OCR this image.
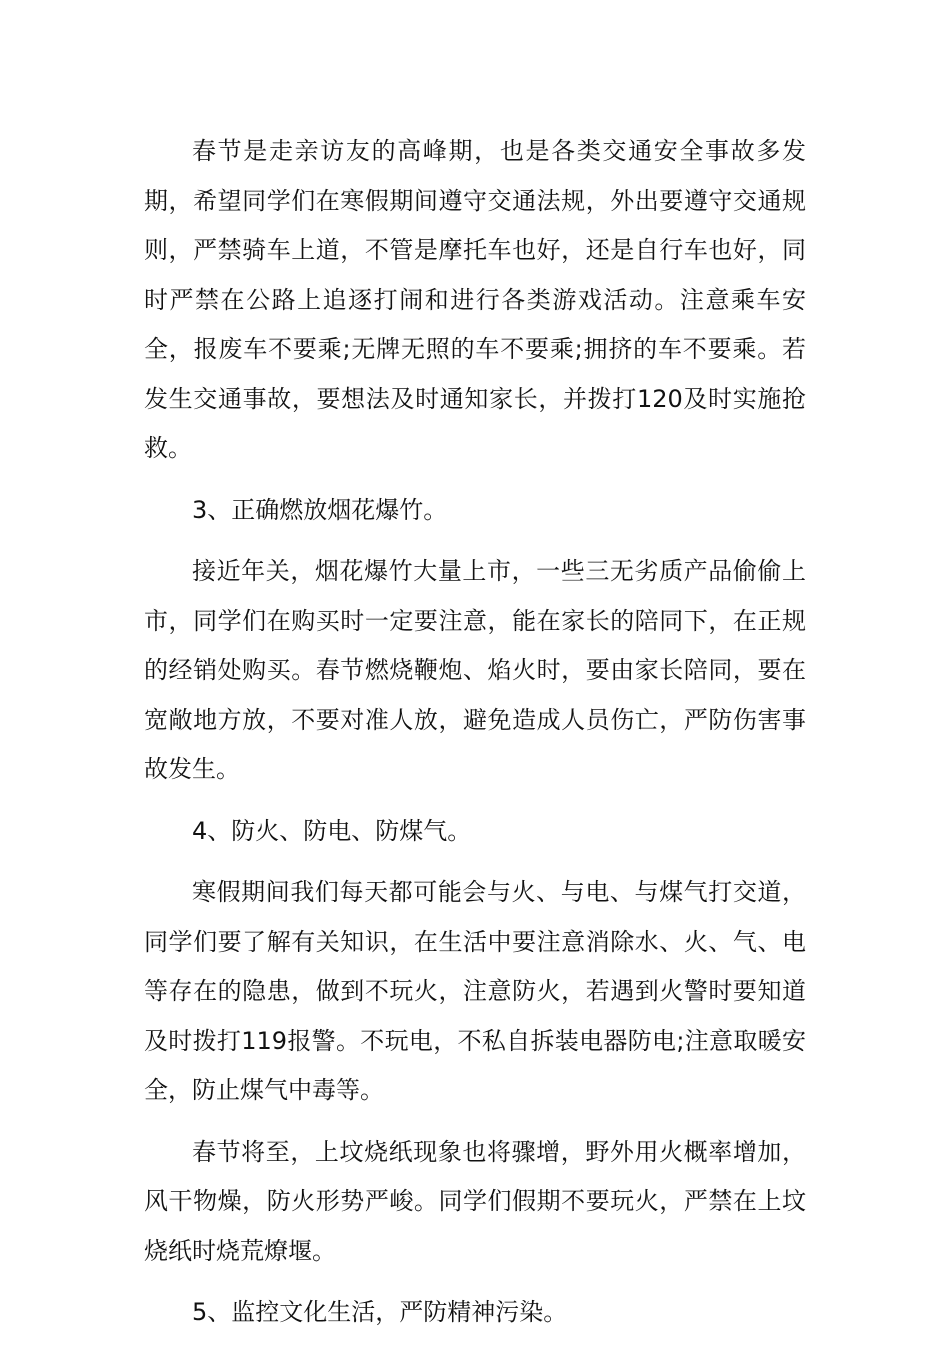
春节是走亲访友的高峰期，也是各类交通安全事故多发期，希望同学们在寒假期间遵守交通法规，外出要遵守交通规则，严禁骑车上道，不管是摩托车也好，还是自行车也好，同时严禁在公路上追逐打闹和进行各类游戏活动。注意乘车安全，报废车不要乘;无牌无照的车不要乘;拥挤的车不要乘。若发生交通事故，要想法及时通知家长，并拨打120及时实施抢救。

3、正确燃放烟花爆竹。

接近年关，烟花爆竹大量上市，一些三无劣质产品偷偷上市，同学们在购买时一定要注意，能在家长的陪同下，在正规的经销处购买。春节燃烧鞭炮、焰火时，要由家长陪同，要在宽敞地方放，不要对准人放，避免造成人员伤亡，严防伤害事故发生。

4、防火、防电、防煤气。

寒假期间我们每天都可能会与火、与电、与煤气打交道，同学们要了解有关知识，在生活中要注意消除水、火、气、电等存在的隐患，做到不玩火，注意防火，若遇到火警时要知道及时拨打119报警。不玩电，不私自拆装电器防电;注意取暖安全，防止煤气中毒等。

春节将至，上坟烧纸现象也将骤增，野外用火概率增加，风干物燥，防火形势严峻。同学们假期不要玩火，严禁在上坟烧纸时烧荒燎堰。

5、监控文化生活，严防精神污染。
